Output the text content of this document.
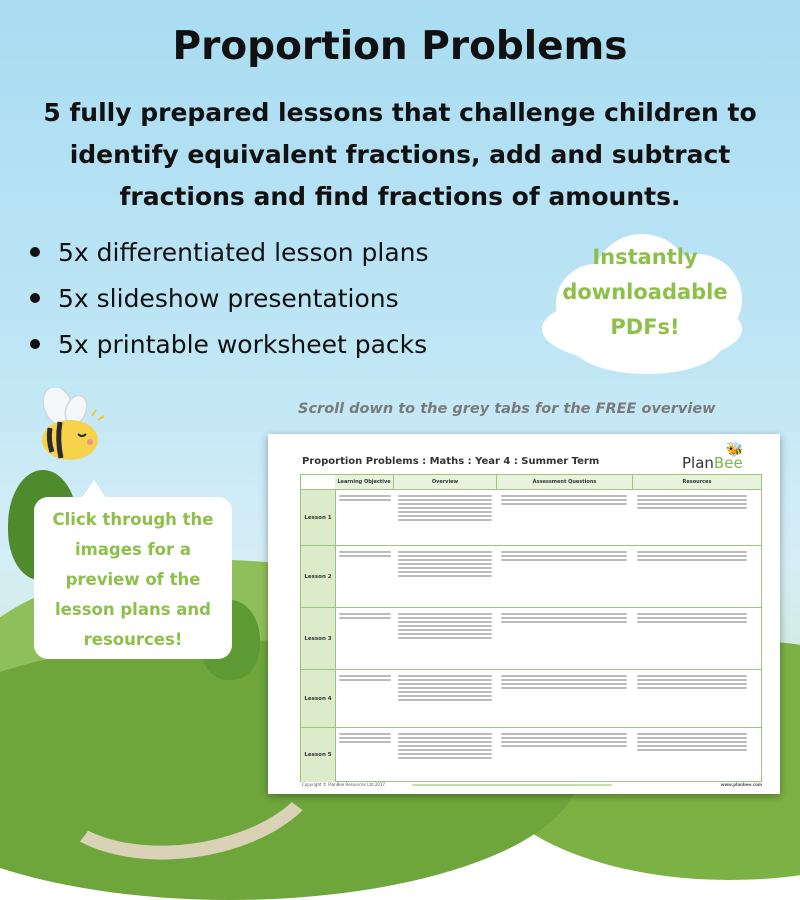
Proportion Problems
5 fully prepared lessons that challenge children to
identify equivalent fractions, add and subtract
fractions and find fractions of amounts.
5x differentiated lesson plans
5x slideshow presentations
5x printable worksheet packs
Instantly
downloadable
PDFs!
Scroll down to the grey tabs for the FREE overview
Click through the
images for a
preview of the
lesson plans and
resources!
Proportion Problems : Maths : Year 4 : Summer Term	PlanBee
🐝
Learning Objective	Overview	Assessment Questions	Resources
Lesson 1
Lesson 2
Lesson 3
Lesson 4
Lesson 5
Copyright © PlanBee Resources Ltd 2017	www.planbee.com
